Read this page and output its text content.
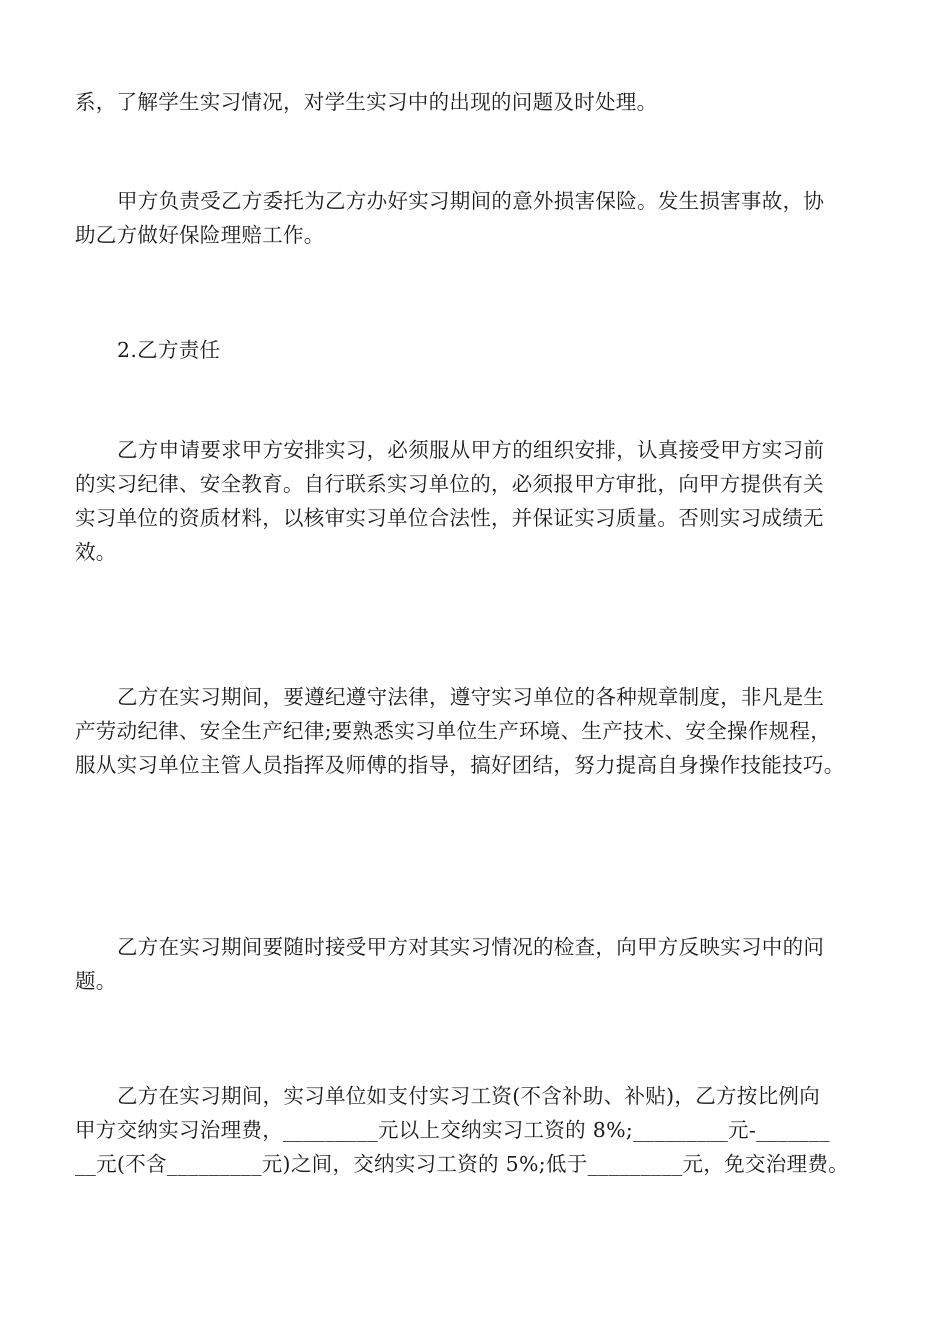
系，了解学生实习情况，对学生实习中的出现的问题及时处理。

甲方负责受乙方委托为乙方办好实习期间的意外损害保险。发生损害事故，协
助乙方做好保险理赔工作。

2.乙方责任

乙方申请要求甲方安排实习，必须服从甲方的组织安排，认真接受甲方实习前
的实习纪律、安全教育。自行联系实习单位的，必须报甲方审批，向甲方提供有关
实习单位的资质材料，以核审实习单位合法性，并保证实习质量。否则实习成绩无
效。

乙方在实习期间，要遵纪遵守法律，遵守实习单位的各种规章制度，非凡是生
产劳动纪律、安全生产纪律;要熟悉实习单位生产环境、生产技术、安全操作规程，
服从实习单位主管人员指挥及师傅的指导，搞好团结，努力提高自身操作技能技巧。

乙方在实习期间要随时接受甲方对其实习情况的检查，向甲方反映实习中的问
题。

乙方在实习期间，实习单位如支付实习工资(不含补助、补贴)，乙方按比例向
甲方交纳实习治理费，_________元以上交纳实习工资的 8%;_________元-_______
__元(不含_________元)之间，交纳实习工资的 5%;低于_________元，免交治理费。
